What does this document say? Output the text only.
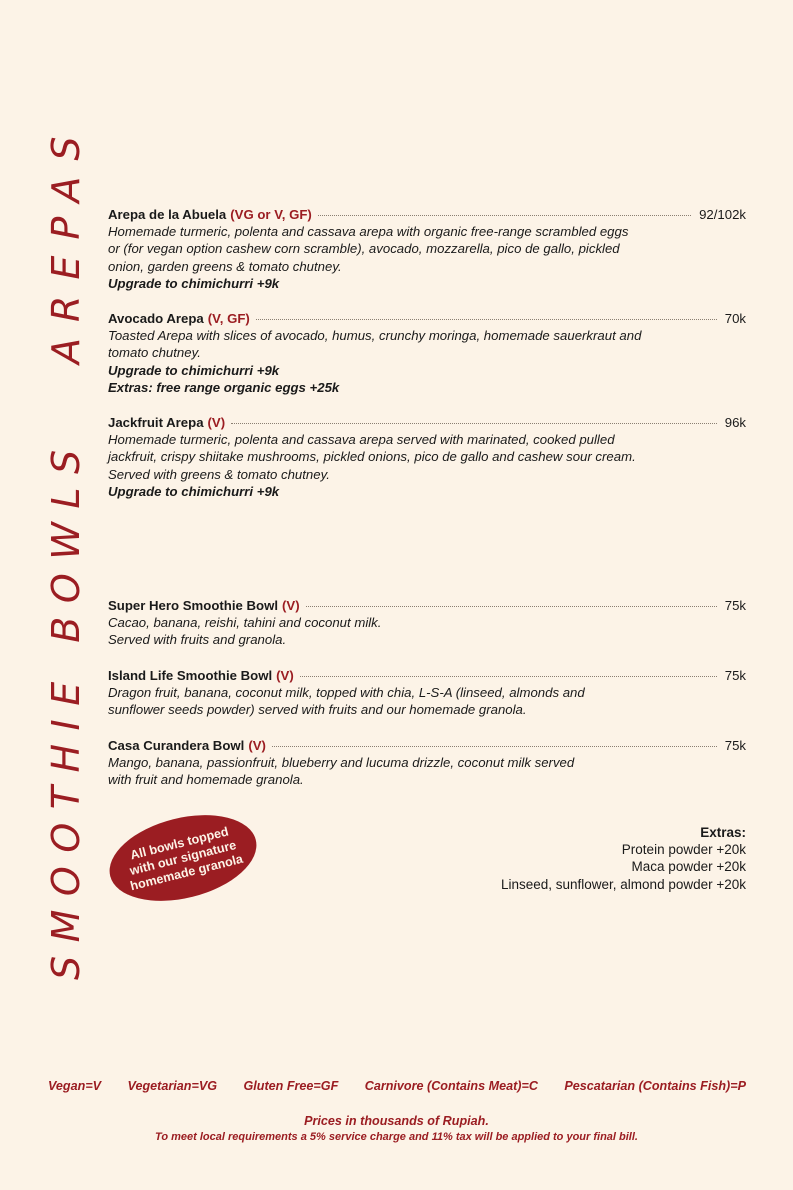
AREPAS
SMOOTHIE BOWLS
Arepa de la Abuela (VG or V, GF)	92/102k
Homemade turmeric, polenta and cassava arepa with organic free-range scrambled eggs or (for vegan option cashew corn scramble), avocado, mozzarella, pico de gallo, pickled onion, garden greens & tomato chutney.
Upgrade to chimichurri +9k
Avocado Arepa (V, GF)	70k
Toasted Arepa with slices of avocado, humus, crunchy moringa, homemade sauerkraut and tomato chutney.
Upgrade to chimichurri +9k
Extras: free range organic eggs +25k
Jackfruit Arepa (V)	96k
Homemade turmeric, polenta and cassava arepa served with marinated, cooked pulled jackfruit, crispy shiitake mushrooms, pickled onions, pico de gallo and cashew sour cream. Served with greens & tomato chutney.
Upgrade to chimichurri +9k
Super Hero Smoothie Bowl (V)	75k
Cacao, banana, reishi, tahini and coconut milk. Served with fruits and granola.
Island Life Smoothie Bowl (V)	75k
Dragon fruit, banana, coconut milk, topped with chia, L-S-A (linseed, almonds and sunflower seeds powder) served with fruits and our homemade granola.
Casa Curandera Bowl (V)	75k
Mango, banana, passionfruit, blueberry and lucuma drizzle, coconut milk served with fruit and homemade granola.
All bowls topped with our signature homemade granola
Extras:
Protein powder +20k
Maca powder +20k
Linseed, sunflower, almond powder +20k
Vegan=V Vegetarian=VG Gluten Free=GF Carnivore (Contains Meat)=C Pescatarian (Contains Fish)=P
Prices in thousands of Rupiah.
To meet local requirements a 5% service charge and 11% tax will be applied to your final bill.
